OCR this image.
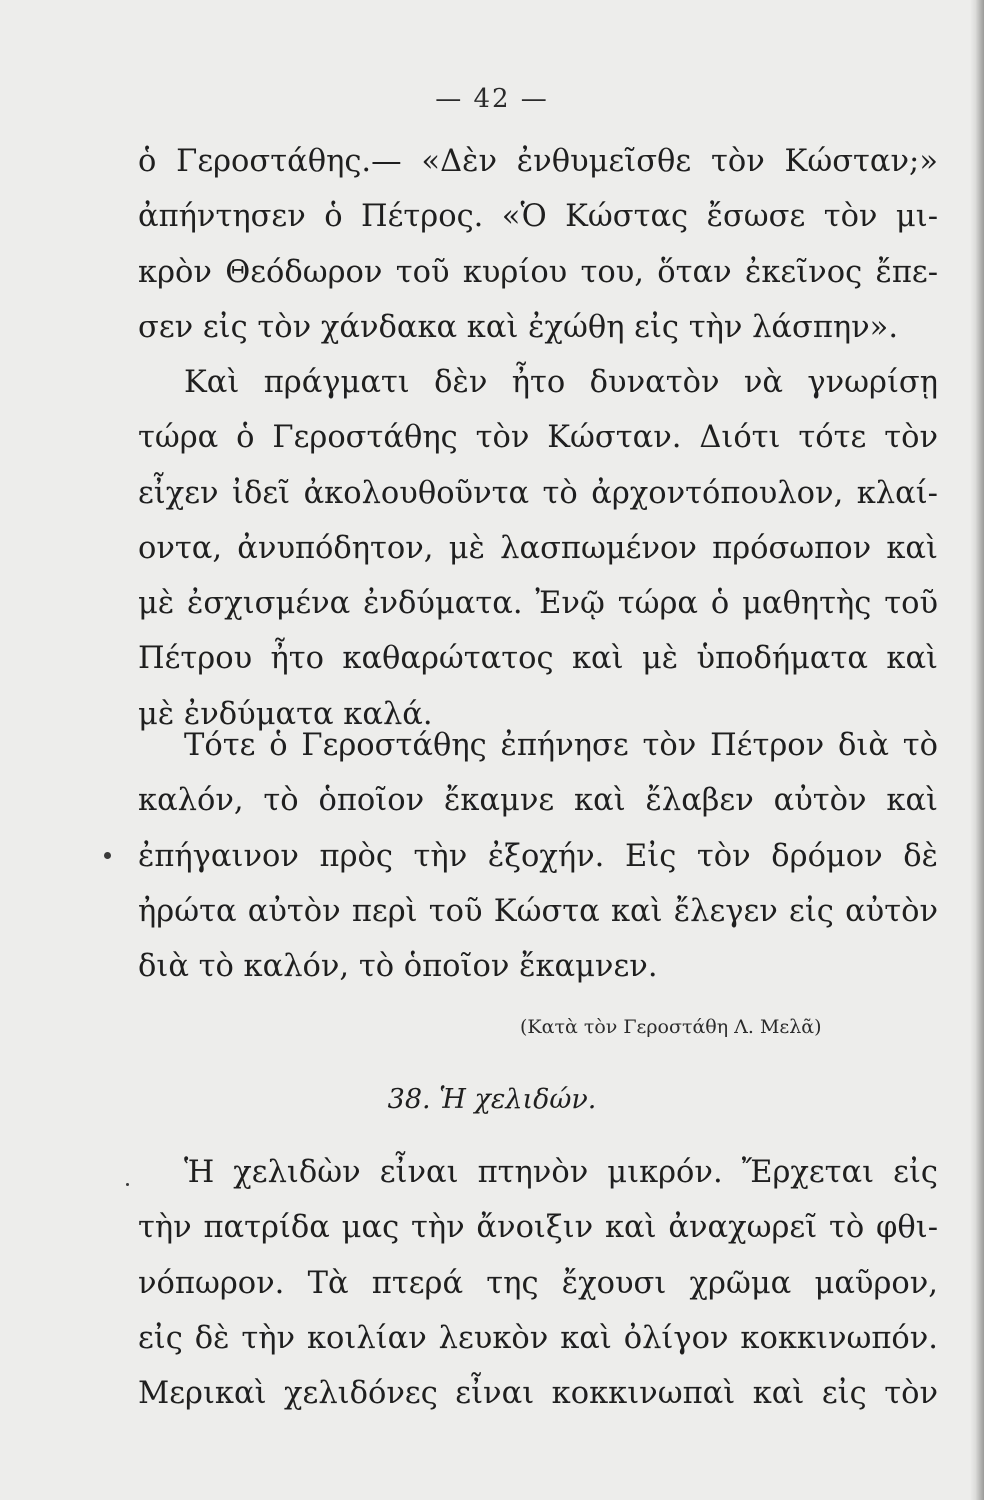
— 42 —

ὁ Γεροστάθης.— «Δὲν ἐνθυμεῖσθε τὸν Κώσταν;»
ἀπήντησεν ὁ Πέτρος. «Ὁ Κώστας ἔσωσε τὸν μι-
κρὸν Θεόδωρον τοῦ κυρίου του, ὅταν ἐκεῖνος ἔπε-
σεν εἰς τὸν χάνδακα καὶ ἐχώθη εἰς τὴν λάσπην».

Καὶ πράγματι δὲν ἦτο δυνατὸν νὰ γνωρίσῃ
τώρα ὁ Γεροστάθης τὸν Κώσταν. Διότι τότε τὸν
εἶχεν ἰδεῖ ἀκολουθοῦντα τὸ ἀρχοντόπουλον, κλαί-
οντα, ἀνυπόδητον, μὲ λασπωμένον πρόσωπον καὶ
μὲ ἐσχισμένα ἐνδύματα. Ἐνῷ τώρα ὁ μαθητὴς τοῦ
Πέτρου ἦτο καθαρώτατος καὶ μὲ ὑποδήματα καὶ
μὲ ἐνδύματα καλά.

Τότε ὁ Γεροστάθης ἐπήνησε τὸν Πέτρον διὰ τὸ
καλόν, τὸ ὁποῖον ἔκαμνε καὶ ἔλαβεν αὐτὸν καὶ
ἐπήγαινον πρὸς τὴν ἐξοχήν. Εἰς τὸν δρόμον δὲ
ἠρώτα αὐτὸν περὶ τοῦ Κώστα καὶ ἔλεγεν εἰς αὐτὸν
διὰ τὸ καλόν, τὸ ὁποῖον ἔκαμνεν.

(Κατὰ τὸν Γεροστάθη Λ. Μελᾶ)
38. Ἡ χελιδών.

Ἡ χελιδὼν εἶναι πτηνὸν μικρόν. Ἔρχεται εἰς
τὴν πατρίδα μας τὴν ἄνοιξιν καὶ ἀναχωρεῖ τὸ φθι-
νόπωρον. Τὰ πτερά της ἔχουσι χρῶμα μαῦρον,
εἰς δὲ τὴν κοιλίαν λευκὸν καὶ ὀλίγον κοκκινωπόν.
Μερικαὶ χελιδόνες εἶναι κοκκινωπαὶ καὶ εἰς τὸν
